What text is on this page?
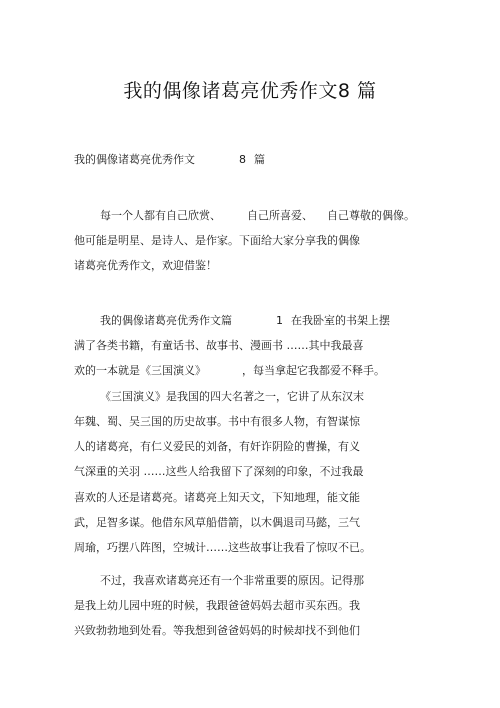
我的偶像诸葛亮优秀作文8 篇
我的偶像诸葛亮优秀作文	8 篇
每一个人都有自己欣赏、 自己所喜爱、 自己尊敬的偶像。
他可能是明星、是诗人、是作家。下面给大家分享我的偶像
诸葛亮优秀作文，欢迎借鉴！
我的偶像诸葛亮优秀作文篇	1 在我卧室的书架上摆
满了各类书籍，有童话书、故事书、漫画书 ……其中我最喜
欢的一本就是《三国演义》	，每当拿起它我都爱不释手。
《三国演义》是我国的四大名著之一，它讲了从东汉末
年魏、蜀、吴三国的历史故事。书中有很多人物，有智谋惊
人的诸葛亮，有仁义爱民的刘备，有奸诈阴险的曹操，有义
气深重的关羽 ……这些人给我留下了深刻的印象，不过我最
喜欢的人还是诸葛亮。诸葛亮上知天文，下知地理，能文能
武，足智多谋。他借东风草船借箭，以木偶退司马懿，三气
周瑜，巧摆八阵图，空城计……这些故事让我看了惊叹不已。
不过，我喜欢诸葛亮还有一个非常重要的原因。记得那
是我上幼儿园中班的时候，我跟爸爸妈妈去超市买东西。我
兴致勃勃地到处看。等我想到爸爸妈妈的时候却找不到他们
